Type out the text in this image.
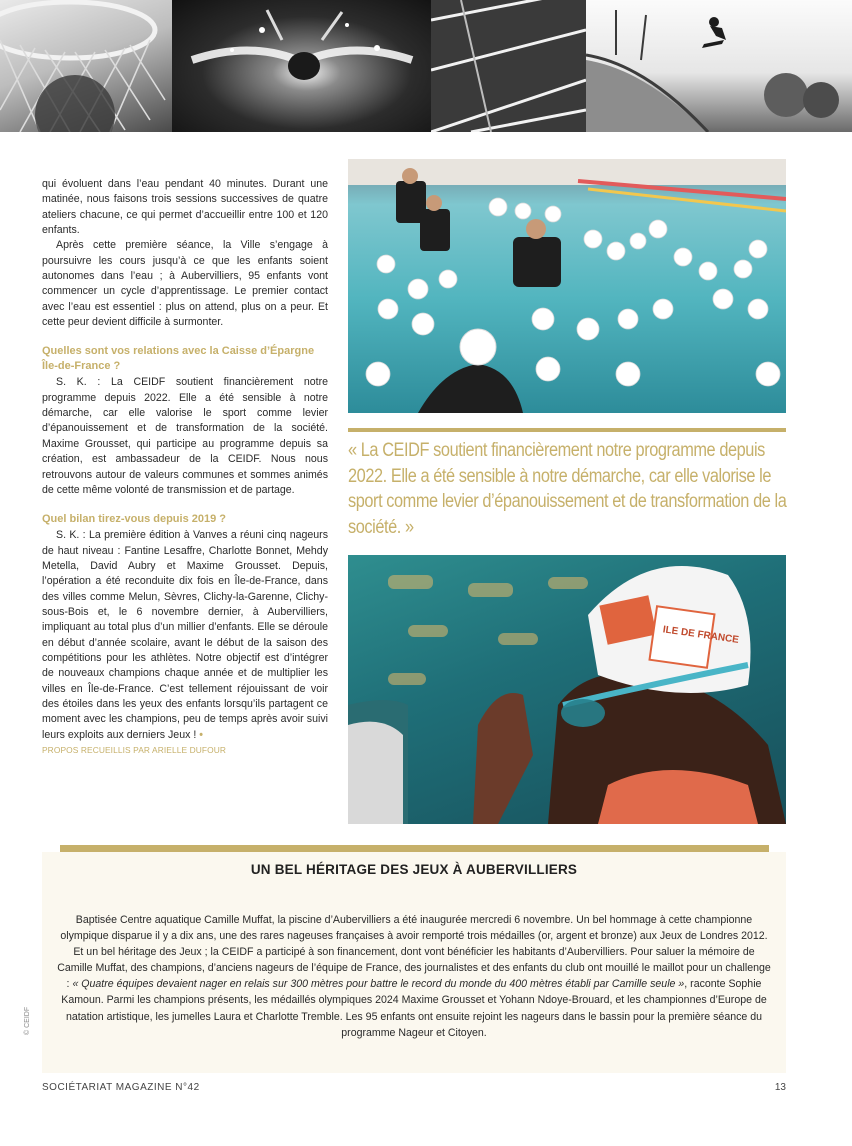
qui évoluent dans l’eau pendant 40 minutes. Durant une matinée, nous faisons trois sessions successives de quatre ateliers chacune, ce qui permet d’accueillir entre 100 et 120 enfants.

Après cette première séance, la Ville s’engage à poursuivre les cours jusqu’à ce que les enfants soient autonomes dans l’eau ; à Aubervilliers, 95 enfants vont commencer un cycle d’apprentissage. Le premier contact avec l’eau est essentiel : plus on attend, plus on a peur. Et cette peur devient difficile à surmonter.

Quelles sont vos relations avec la Caisse d’Épargne Île-de-France ?

S. K. : La CEIDF soutient financièrement notre programme depuis 2022. Elle a été sensible à notre démarche, car elle valorise le sport comme levier d’épanouissement et de transformation de la société. Maxime Grousset, qui participe au programme depuis sa création, est ambassadeur de la CEIDF. Nous nous retrouvons autour de valeurs communes et sommes animés de cette même volonté de transmission et de partage.

Quel bilan tirez-vous depuis 2019 ?

S. K. : La première édition à Vanves a réuni cinq nageurs de haut niveau : Fantine Lesaffre, Charlotte Bonnet, Mehdy Metella, David Aubry et Maxime Grousset. Depuis, l’opération a été reconduite dix fois en Île-de-France, dans des villes comme Melun, Sèvres, Clichy-la-Garenne, Clichy-sous-Bois et, le 6 novembre dernier, à Aubervilliers, impliquant au total plus d’un millier d’enfants. Elle se déroule en début d’année scolaire, avant le début de la saison des compétitions pour les athlètes. Notre objectif est d’intégrer de nouveaux champions chaque année et de multiplier les villes en Île-de-France. C’est tellement réjouissant de voir des étoiles dans les yeux des enfants lorsqu’ils partagent ce moment avec les champions, peu de temps après avoir suivi leurs exploits aux derniers Jeux ! •

PROPOS RECUEILLIS PAR ARIELLE DUFOUR
« La CEIDF soutient financièrement notre programme depuis 2022. Elle a été sensible à notre démarche, car elle valorise le sport comme levier d’épanouissement et de transformation de la société. »
ILE DE FRANCE
UN BEL HÉRITAGE DES JEUX À AUBERVILLIERS
Baptisée Centre aquatique Camille Muffat, la piscine d’Aubervilliers a été inaugurée mercredi 6 novembre. Un bel hommage à cette championne olympique disparue il y a dix ans, une des rares nageuses françaises à avoir remporté trois médailles (or, argent et bronze) aux Jeux de Londres 2012. Et un bel héritage des Jeux ; la CEIDF a participé à son financement, dont vont bénéficier les habitants d’Aubervilliers. Pour saluer la mémoire de Camille Muffat, des champions, d’anciens nageurs de l’équipe de France, des journalistes et des enfants du club ont mouillé le maillot pour un challenge : « Quatre équipes devaient nager en relais sur 300 mètres pour battre le record du monde du 400 mètres établi par Camille seule », raconte Sophie Kamoun. Parmi les champions présents, les médaillés olympiques 2024 Maxime Grousset et Yohann Ndoye-Brouard, et les championnes d’Europe de natation artistique, les jumelles Laura et Charlotte Tremble. Les 95 enfants ont ensuite rejoint les nageurs dans le bassin pour la première séance du programme Nageur et Citoyen.
© CEIDF
SOCIÉTARIAT MAGAZINE N°42	13
